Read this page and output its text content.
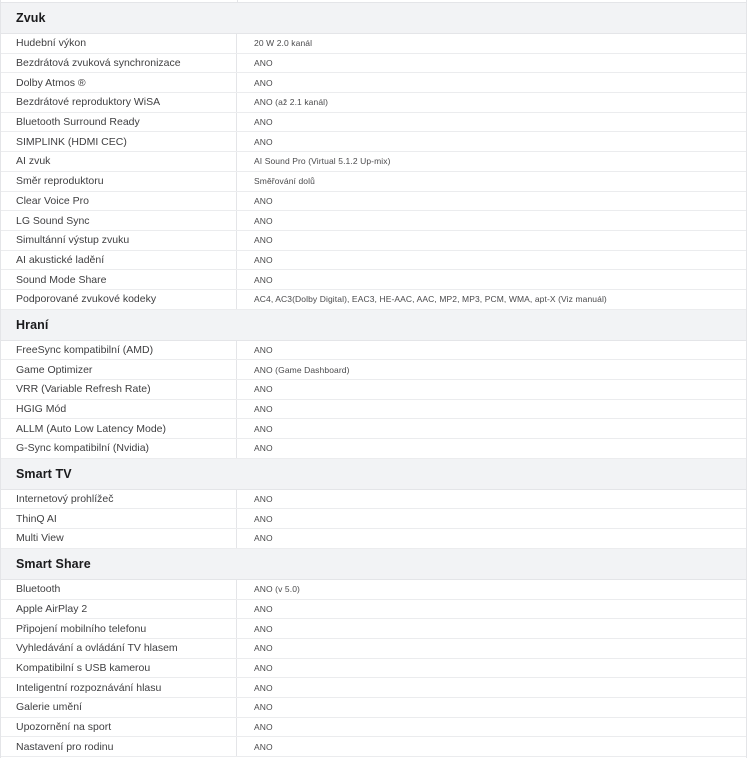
Zvuk
Hudební výkon	20 W 2.0 kanál
Bezdrátová zvuková synchronizace	ANO
Dolby Atmos ®	ANO
Bezdrátové reproduktory WiSA	ANO (až 2.1 kanál)
Bluetooth Surround Ready	ANO
SIMPLINK (HDMI CEC)	ANO
AI zvuk	AI Sound Pro (Virtual 5.1.2 Up-mix)
Směr reproduktoru	Směřování dolů
Clear Voice Pro	ANO
LG Sound Sync	ANO
Simultánní výstup zvuku	ANO
AI akustické ladění	ANO
Sound Mode Share	ANO
Podporované zvukové kodeky	AC4, AC3(Dolby Digital), EAC3, HE-AAC, AAC, MP2, MP3, PCM, WMA, apt-X (Viz manuál)
Hraní
FreeSync kompatibilní (AMD)	ANO
Game Optimizer	ANO (Game Dashboard)
VRR (Variable Refresh Rate)	ANO
HGIG Mód	ANO
ALLM (Auto Low Latency Mode)	ANO
G-Sync kompatibilní (Nvidia)	ANO
Smart TV
Internetový prohlížeč	ANO
ThinQ AI	ANO
Multi View	ANO
Smart Share
Bluetooth	ANO (v 5.0)
Apple AirPlay 2	ANO
Připojení mobilního telefonu	ANO
Vyhledávání a ovládání TV hlasem	ANO
Kompatibilní s USB kamerou	ANO
Inteligentní rozpoznávání hlasu	ANO
Galerie umění	ANO
Upozornění na sport	ANO
Nastavení pro rodinu	ANO
